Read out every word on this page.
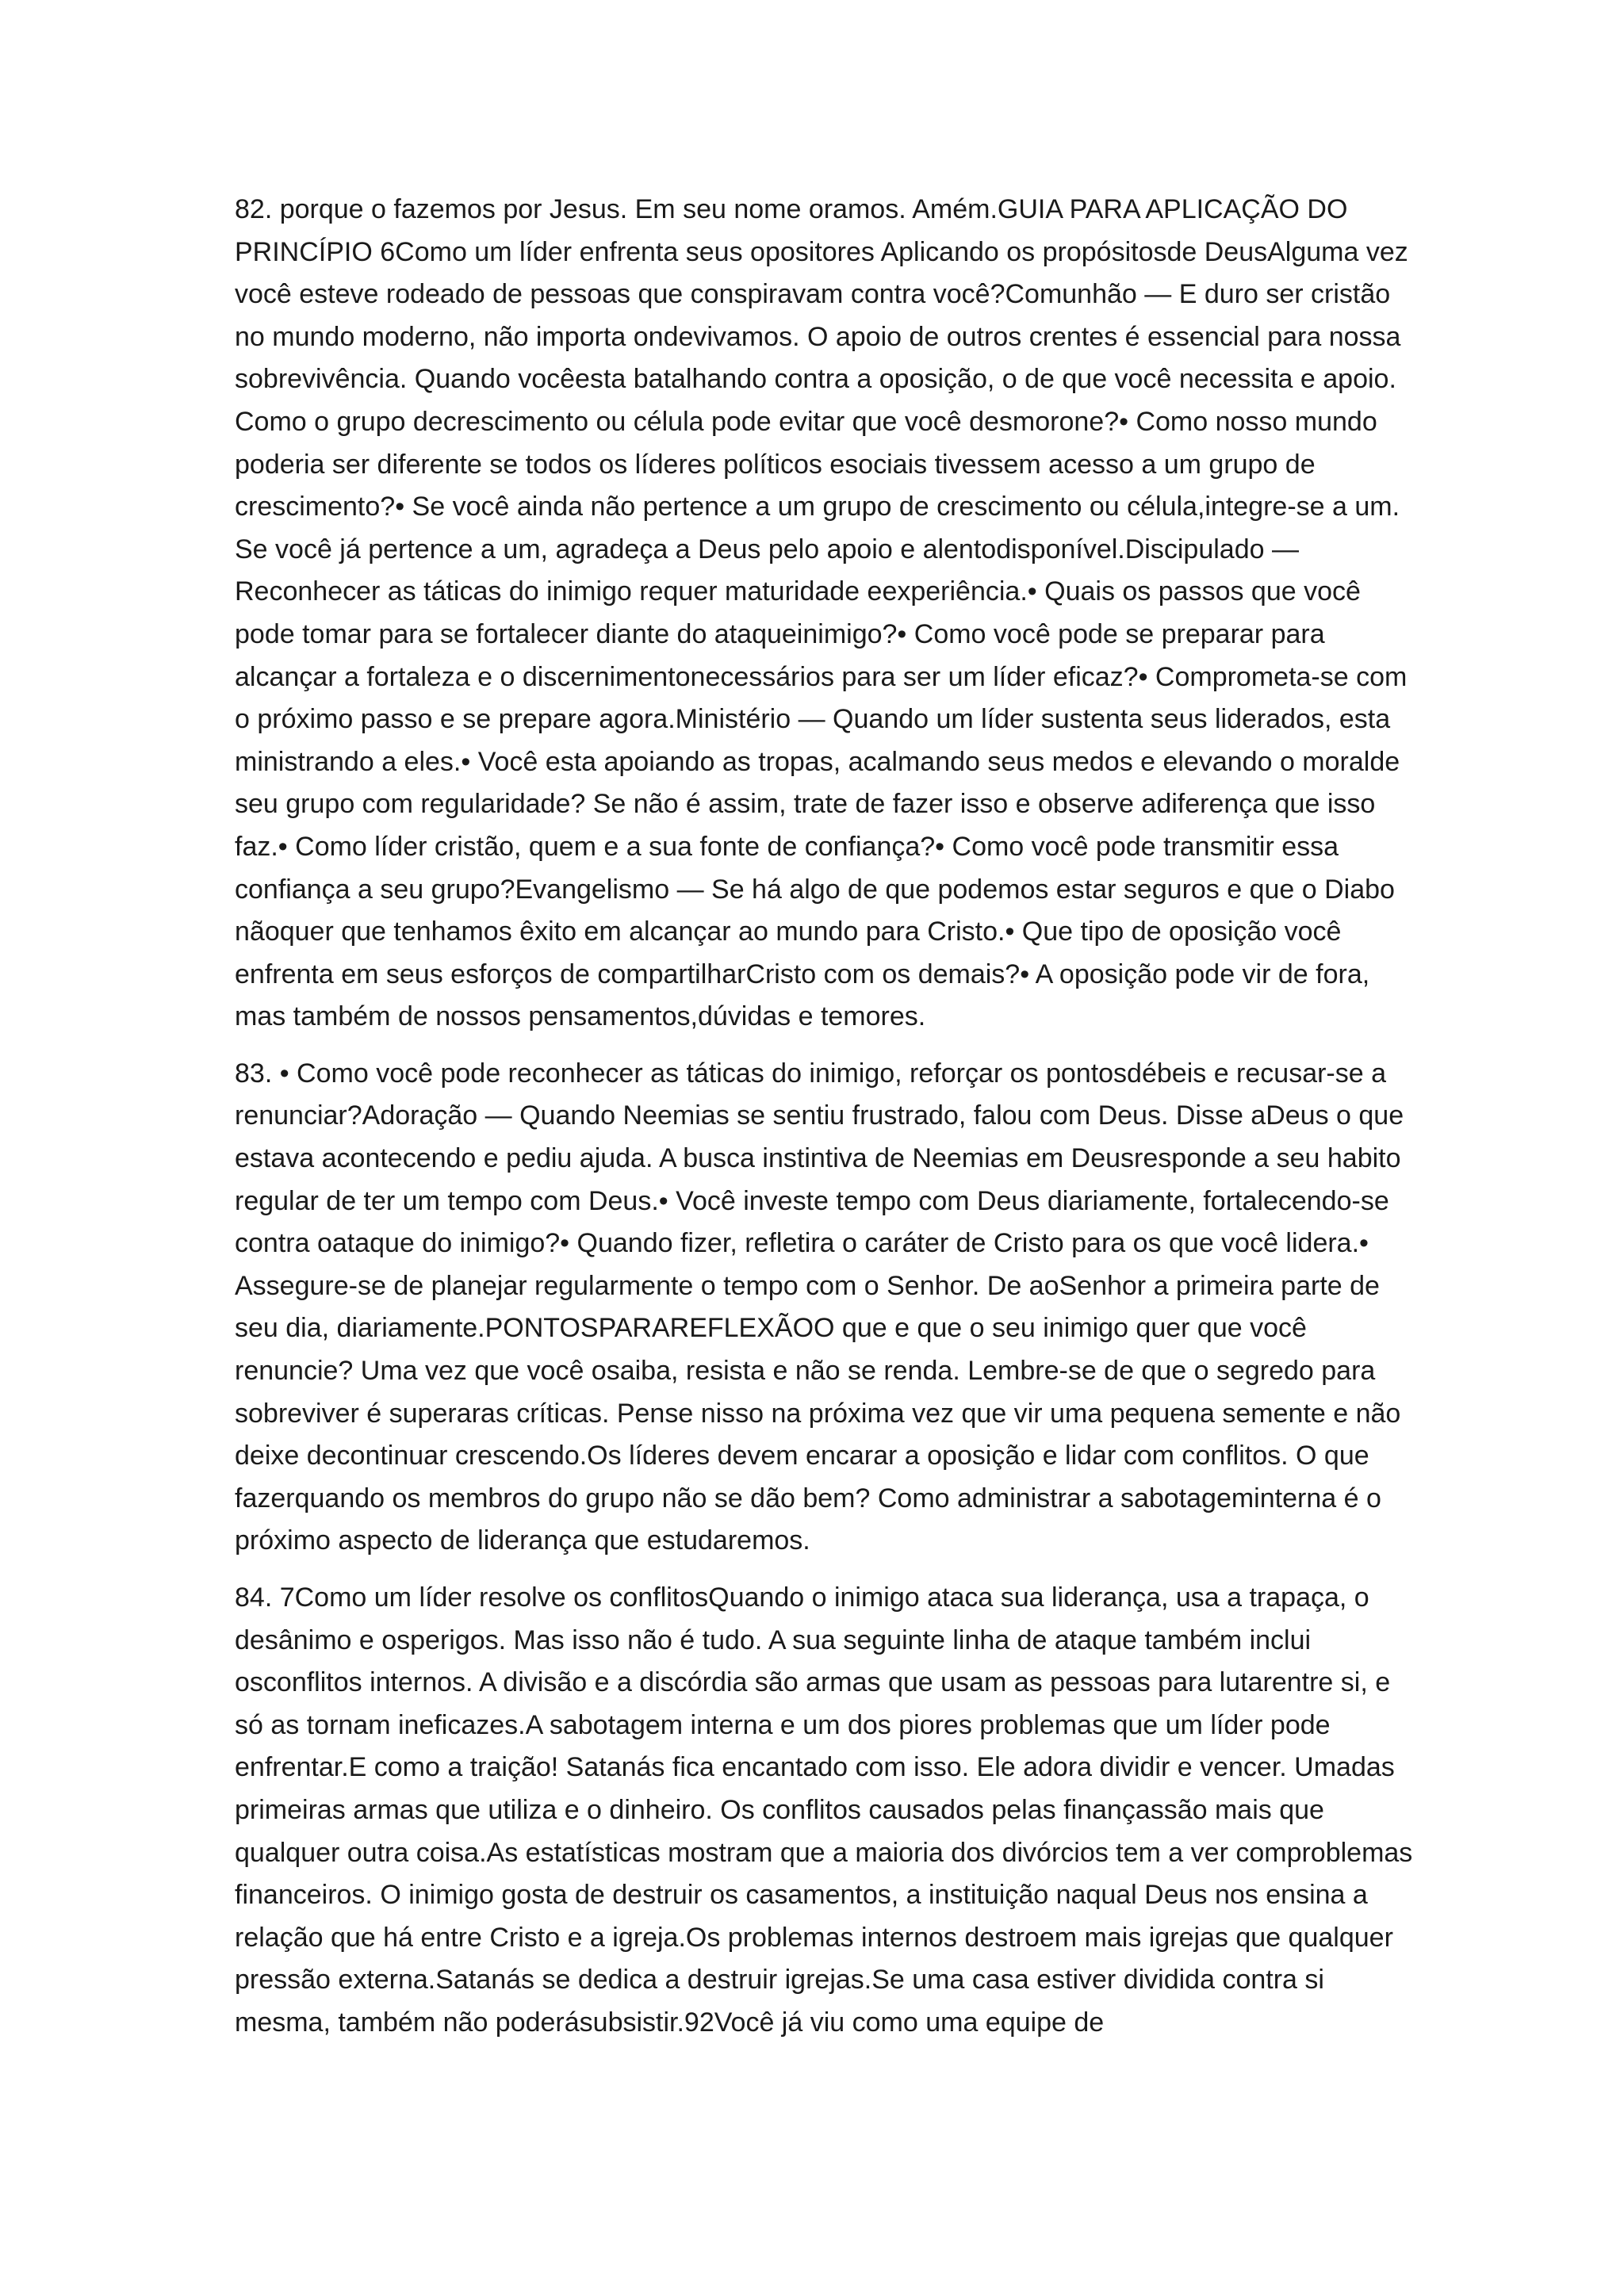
82. porque o fazemos por Jesus. Em seu nome oramos. Amém.GUIA PARA APLICAÇÃO DO PRINCÍPIO 6Como um líder enfrenta seus opositores Aplicando os propósitosde DeusAlguma vez você esteve rodeado de pessoas que conspiravam contra você?Comunhão — E duro ser cristão no mundo moderno, não importa ondevivamos. O apoio de outros crentes é essencial para nossa sobrevivência. Quando vocêesta batalhando contra a oposição, o de que você necessita e apoio. Como o grupo decrescimento ou célula pode evitar que você desmorone?• Como nosso mundo poderia ser diferente se todos os líderes políticos esociais tivessem acesso a um grupo de crescimento?• Se você ainda não pertence a um grupo de crescimento ou célula,integre-se a um. Se você já pertence a um, agradeça a Deus pelo apoio e alentodisponível.Discipulado — Reconhecer as táticas do inimigo requer maturidade eexperiência.• Quais os passos que você pode tomar para se fortalecer diante do ataqueinimigo?• Como você pode se preparar para alcançar a fortaleza e o discernimentonecessários para ser um líder eficaz?• Comprometa-se com o próximo passo e se prepare agora.Ministério — Quando um líder sustenta seus liderados, esta ministrando a eles.• Você esta apoiando as tropas, acalmando seus medos e elevando o moralde seu grupo com regularidade? Se não é assim, trate de fazer isso e observe adiferença que isso faz.• Como líder cristão, quem e a sua fonte de confiança?• Como você pode transmitir essa confiança a seu grupo?Evangelismo — Se há algo de que podemos estar seguros e que o Diabo nãoquer que tenhamos êxito em alcançar ao mundo para Cristo.• Que tipo de oposição você enfrenta em seus esforços de compartilharCristo com os demais?• A oposição pode vir de fora, mas também de nossos pensamentos,dúvidas e temores.

83. • Como você pode reconhecer as táticas do inimigo, reforçar os pontosdébeis e recusar-se a renunciar?Adoração — Quando Neemias se sentiu frustrado, falou com Deus. Disse aDeus o que estava acontecendo e pediu ajuda. A busca instintiva de Neemias em Deusresponde a seu habito regular de ter um tempo com Deus.• Você investe tempo com Deus diariamente, fortalecendo-se contra oataque do inimigo?• Quando fizer, refletira o caráter de Cristo para os que você lidera.• Assegure-se de planejar regularmente o tempo com o Senhor. De aoSenhor a primeira parte de seu dia, diariamente.PONTOSPARAREFLEXÃOO que e que o seu inimigo quer que você renuncie? Uma vez que você osaiba, resista e não se renda. Lembre-se de que o segredo para sobreviver é superaras críticas. Pense nisso na próxima vez que vir uma pequena semente e não deixe decontinuar crescendo.Os líderes devem encarar a oposição e lidar com conflitos. O que fazerquando os membros do grupo não se dão bem? Como administrar a sabotageminterna é o próximo aspecto de liderança que estudaremos.

84. 7Como um líder resolve os conflitosQuando o inimigo ataca sua liderança, usa a trapaça, o desânimo e osperigos. Mas isso não é tudo. A sua seguinte linha de ataque também inclui osconflitos internos. A divisão e a discórdia são armas que usam as pessoas para lutarentre si, e só as tornam ineficazes.A sabotagem interna e um dos piores problemas que um líder pode enfrentar.E como a traição! Satanás fica encantado com isso. Ele adora dividir e vencer. Umadas primeiras armas que utiliza e o dinheiro. Os conflitos causados pelas finançassão mais que qualquer outra coisa.As estatísticas mostram que a maioria dos divórcios tem a ver comproblemas financeiros. O inimigo gosta de destruir os casamentos, a instituição naqual Deus nos ensina a relação que há entre Cristo e a igreja.Os problemas internos destroem mais igrejas que qualquer pressão externa.Satanás se dedica a destruir igrejas.Se uma casa estiver dividida contra si mesma, também não poderásubsistir.92Você já viu como uma equipe de
